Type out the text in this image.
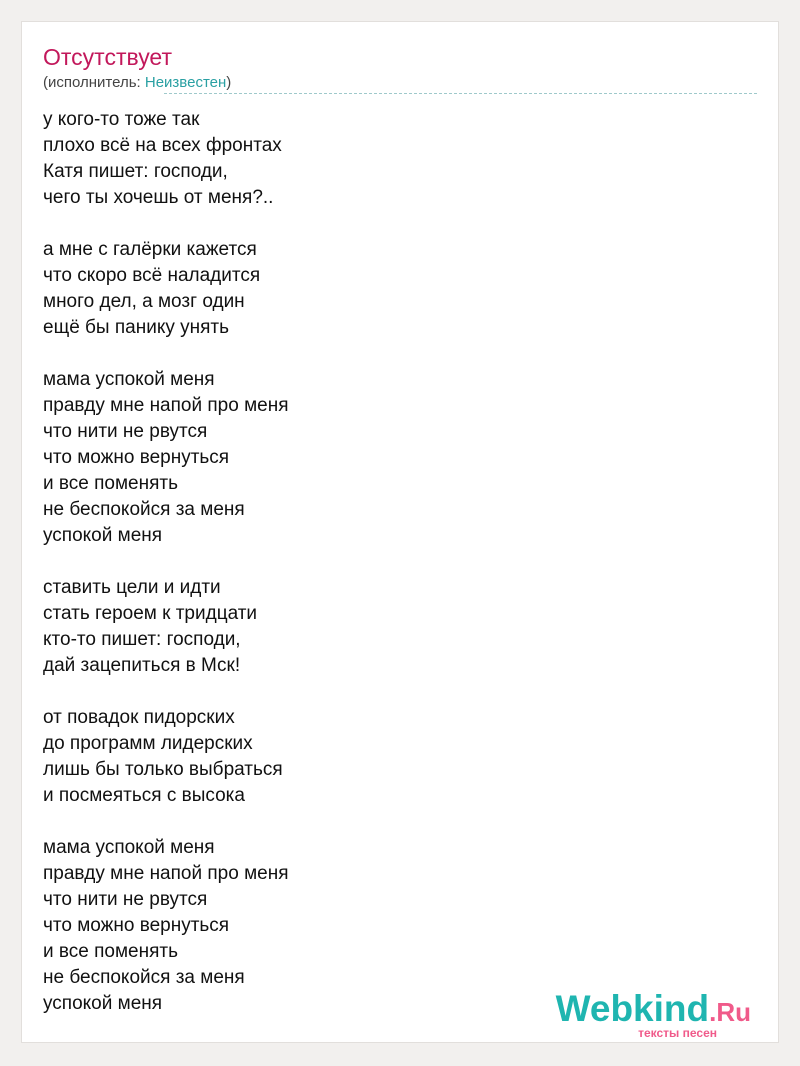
Отсутствует
(исполнитель: Неизвестен)
у кого-то тоже так
плохо всё на всех фронтах
Катя пишет: господи,
чего ты хочешь от меня?..
а мне с галёрки кажется
что скоро всё наладится
много дел, а мозг один
ещё бы панику унять
мама успокой меня
правду мне напой про меня
что нити не рвутся
что можно вернуться
и все поменять
не беспокойся за меня
успокой меня
ставить цели и идти
стать героем к тридцати
кто-то пишет: господи,
дай зацепиться в Мск!
от повадок пидорских
до программ лидерских
лишь бы только выбраться
и посмеяться с высока
мама успокой меня
правду мне напой про меня
что нити не рвутся
что можно вернуться
и все поменять
не беспокойся за меня
успокой меня	Webkind.Ru
тексты песен
